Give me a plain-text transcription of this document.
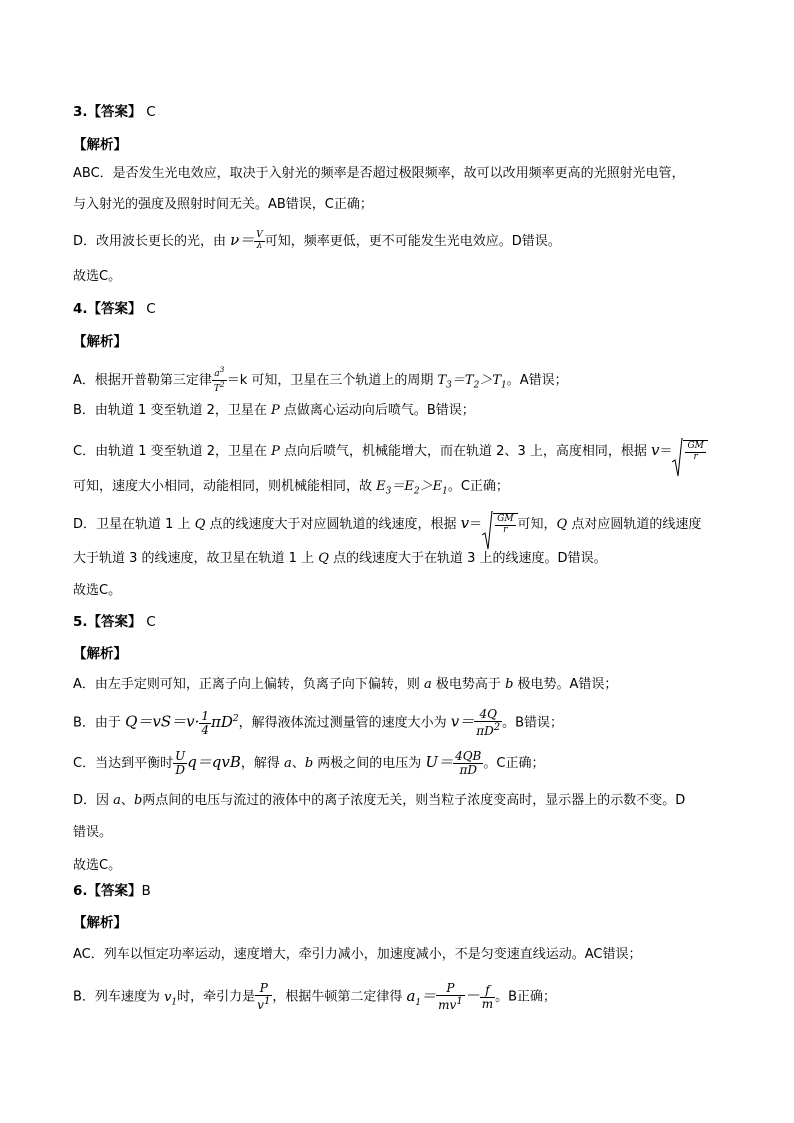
3.【答案】 C
【解析】
ABC．是否发生光电效应，取决于入射光的频率是否超过极限频率，故可以改用频率更高的光照射光电管，
与入射光的强度及照射时间无关。AB错误，C正确；
D．改用波长更长的光，由 $\nu= \frac{V}{\lambda}$ 可知，频率更低，更不可能发生光电效应。D错误。
故选C。
4.【答案】 C
【解析】
A．根据开普勒第三定律 $\frac{a^3}{T^2} =k$ 可知，卫星在三个轨道上的周期 $T_3=T_2>T_1$。A错误；
B．由轨道 1 变至轨道 2，卫星在 P 点做离心运动向后喷气。B错误；
C．由轨道 1 变至轨道 2，卫星在 P 点向后喷气，机械能增大，而在轨道 2、3 上，高度相同，根据 $v= \frac{GM}{r}$
可知，速度大小相同，动能相同，则机械能相同，故 $E_3=E_2>E_1$。C正确；
D．卫星在轨道 1 上 Q 点的线速度大于对应圆轨道的线速度，根据 $v= \frac{GM}{r}$ 可知，Q 点对应圆轨道的线速度
大于轨道 3 的线速度，故卫星在轨道 1 上 Q 点的线速度大于在轨道 3 上的线速度。D错误。
故选C。
5.【答案】 C
【解析】
A．由左手定则可知，正离子向上偏转，负离子向下偏转，则 a 极电势高于 b 极电势。A错误；
B．由于 $Q=vS=v\cdot \frac{1}{4} \pi D^2$，解得液体流过测量管的速度大小为 $v= \frac{4Q}{\pi D^2}$ 。B错误；
C．当达到平衡时 $\frac{U}{D} q=qvB$，解得 a、b 两极之间的电压为 $U= \frac{4QB}{\pi D}$ 。C正确；
D．因 a、b两点间的电压与流过的液体中的离子浓度无关，则当粒子浓度变高时，显示器上的示数不变。D
错误。
故选C。
6.【答案】B
【解析】
AC．列车以恒定功率运动，速度增大，牵引力减小，加速度减小，不是匀变速直线运动。AC错误；
B．列车速度为 $v_1$时，牵引力是 $\frac{P}{v^1}$ ，根据牛顿第二定律得 $a_1= \frac{P}{mv^1} - \frac{f}{m}$ 。B正确；
